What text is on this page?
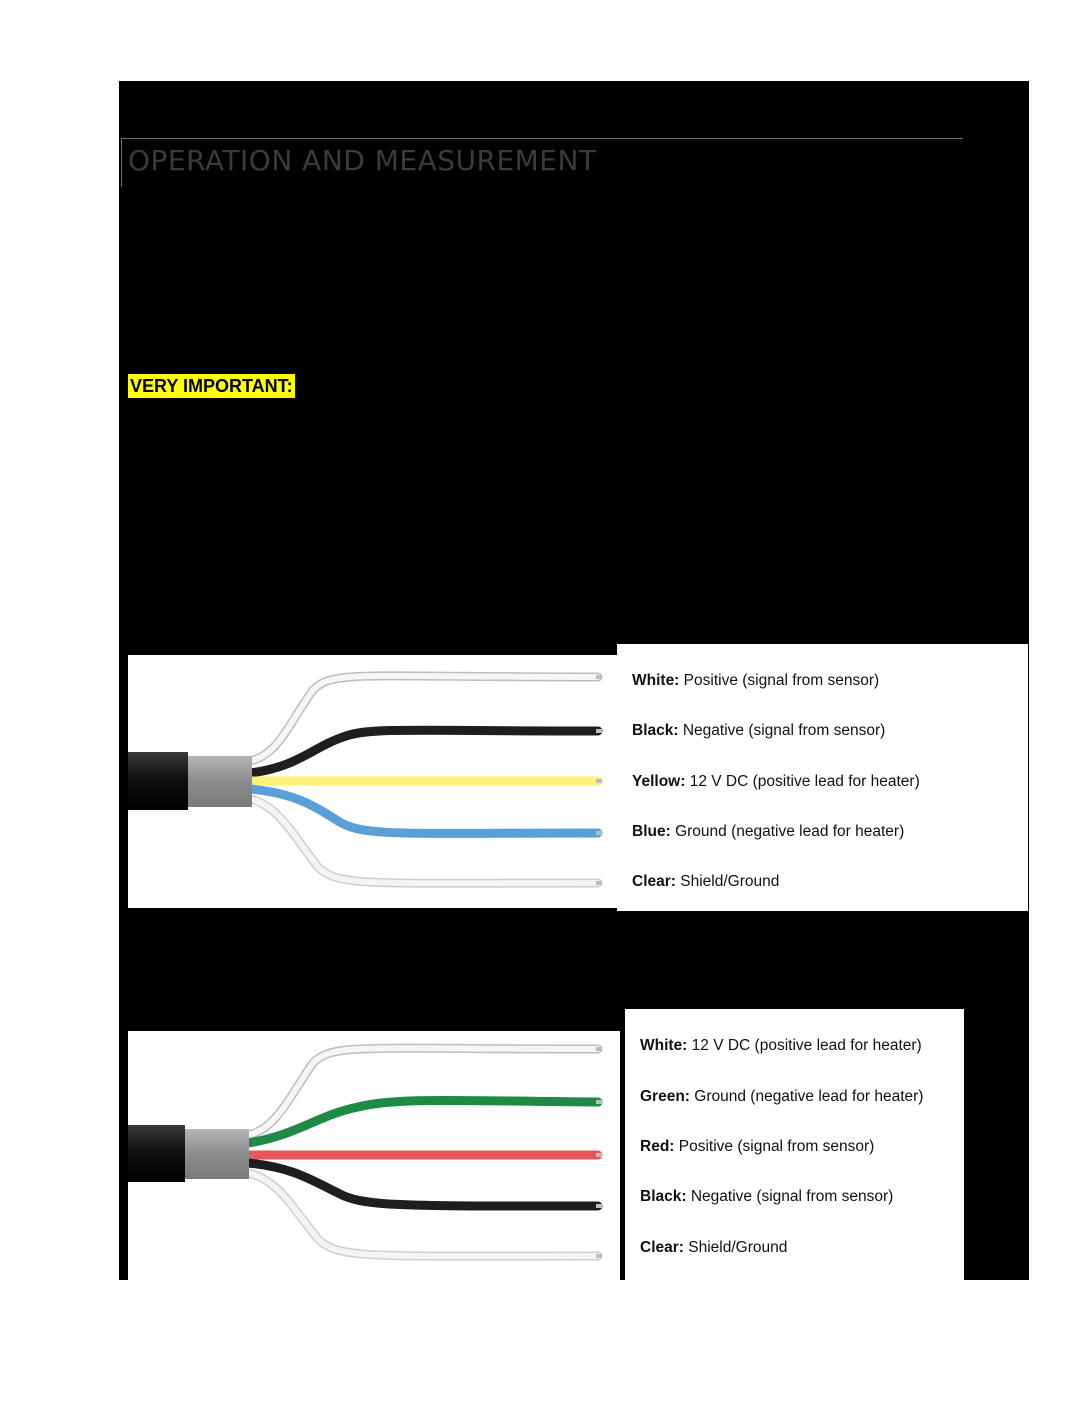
OPERATION AND MEASUREMENT
VERY IMPORTANT:
White: Positive (signal from sensor)
Black: Negative (signal from sensor)
Yellow: 12 V DC (positive lead for heater)
Blue: Ground (negative lead for heater)
Clear: Shield/Ground
White: 12 V DC (positive lead for heater)
Green: Ground (negative lead for heater)
Red: Positive (signal from sensor)
Black: Negative (signal from sensor)
Clear: Shield/Ground
